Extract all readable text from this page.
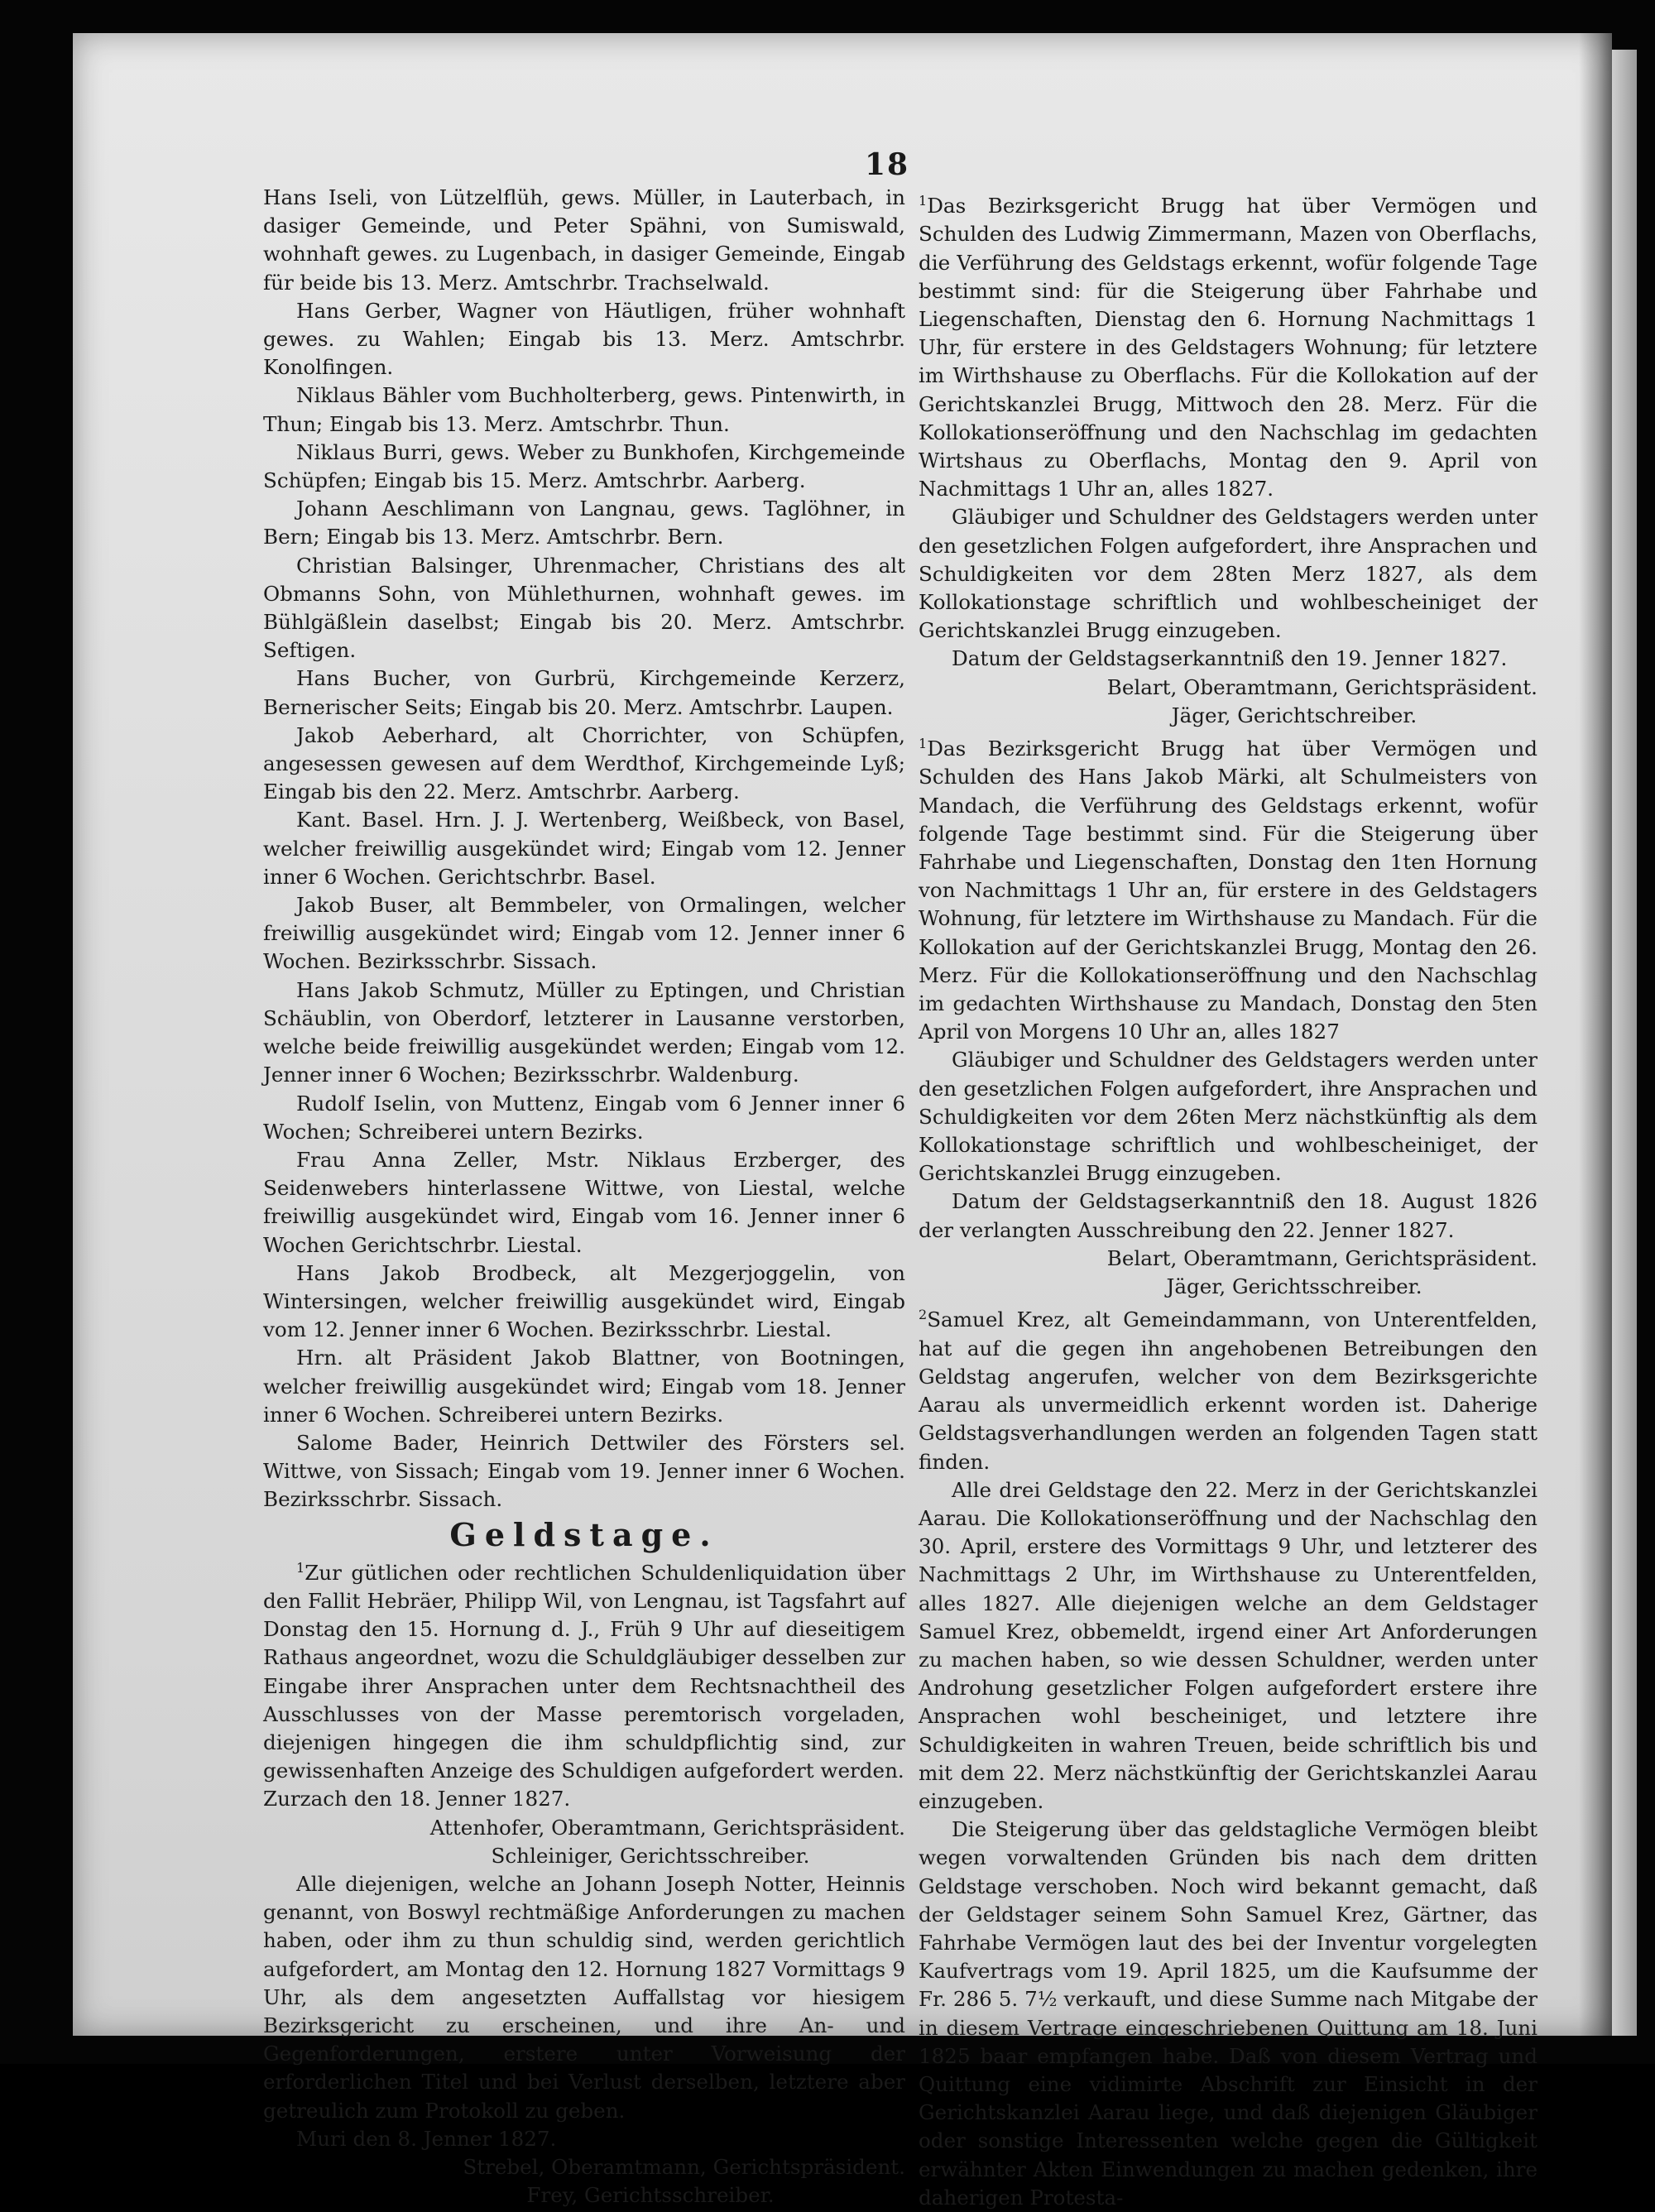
18

Hans Iseli, von Lützelflüh, gews. Müller, in Lauterbach, in dasiger Gemeinde, und Peter Spähni, von Sumiswald, wohnhaft gewes. zu Lugenbach, in dasiger Gemeinde, Eingab für beide bis 13. Merz. Amtschrbr. Trachselwald.

Hans Gerber, Wagner von Häutligen, früher wohnhaft gewes. zu Wahlen; Eingab bis 13. Merz. Amtschrbr. Konolfingen.

Niklaus Bähler vom Buchholterberg, gews. Pintenwirth, in Thun; Eingab bis 13. Merz. Amtschrbr. Thun.

Niklaus Burri, gews. Weber zu Bunkhofen, Kirchgemeinde Schüpfen; Eingab bis 15. Merz. Amtschrbr. Aarberg.

Johann Aeschlimann von Langnau, gews. Taglöhner, in Bern; Eingab bis 13. Merz. Amtschrbr. Bern.

Christian Balsinger, Uhrenmacher, Christians des alt Obmanns Sohn, von Mühlethurnen, wohnhaft gewes. im Bühlgäßlein daselbst; Eingab bis 20. Merz. Amtschrbr. Seftigen.

Hans Bucher, von Gurbrü, Kirchgemeinde Kerzerz, Bernerischer Seits; Eingab bis 20. Merz. Amtschrbr. Laupen.

Jakob Aeberhard, alt Chorrichter, von Schüpfen, angesessen gewesen auf dem Werdthof, Kirchgemeinde Lyß; Eingab bis den 22. Merz. Amtschrbr. Aarberg.

Kant. Basel. Hrn. J. J. Wertenberg, Weißbeck, von Basel, welcher freiwillig ausgekündet wird; Eingab vom 12. Jenner inner 6 Wochen. Gerichtschrbr. Basel.

Jakob Buser, alt Bemmbeler, von Ormalingen, welcher freiwillig ausgekündet wird; Eingab vom 12. Jenner inner 6 Wochen. Bezirksschrbr. Sissach.

Hans Jakob Schmutz, Müller zu Eptingen, und Christian Schäublin, von Oberdorf, letzterer in Lausanne verstorben, welche beide freiwillig ausgekündet werden; Eingab vom 12. Jenner inner 6 Wochen; Bezirksschrbr. Waldenburg.

Rudolf Iselin, von Muttenz, Eingab vom 6 Jenner inner 6 Wochen; Schreiberei untern Bezirks.

Frau Anna Zeller, Mstr. Niklaus Erzberger, des Seidenwebers hinterlassene Wittwe, von Liestal, welche freiwillig ausgekündet wird, Eingab vom 16. Jenner inner 6 Wochen Gerichtschrbr. Liestal.

Hans Jakob Brodbeck, alt Mezgerjoggelin, von Wintersingen, welcher freiwillig ausgekündet wird, Eingab vom 12. Jenner inner 6 Wochen. Bezirksschrbr. Liestal.

Hrn. alt Präsident Jakob Blattner, von Bootningen, welcher freiwillig ausgekündet wird; Eingab vom 18. Jenner inner 6 Wochen. Schreiberei untern Bezirks.

Salome Bader, Heinrich Dettwiler des Försters sel. Wittwe, von Sissach; Eingab vom 19. Jenner inner 6 Wochen. Bezirksschrbr. Sissach.

Geldstage.

$^1$Zur gütlichen oder rechtlichen Schuldenliquidation über den Fallit Hebräer, Philipp Wil, von Lengnau, ist Tagsfahrt auf Donstag den 15. Hornung d. J., Früh 9 Uhr auf dieseitigem Rathaus angeordnet, wozu die Schuldgläubiger desselben zur Eingabe ihrer Ansprachen unter dem Rechtsnachtheil des Ausschlusses von der Masse peremtorisch vorgeladen, diejenigen hingegen die ihm schuldpflichtig sind, zur gewissenhaften Anzeige des Schuldigen aufgefordert werden.

Zurzach den 18. Jenner 1827.

Attenhofer, Oberamtmann, Gerichtspräsident.

Schleiniger, Gerichtsschreiber.

Alle diejenigen, welche an Johann Joseph Notter, Heinnis genannt, von Boswyl rechtmäßige Anforderungen zu machen haben, oder ihm zu thun schuldig sind, werden gerichtlich aufgefordert, am Montag den 12. Hornung 1827 Vormittags 9 Uhr, als dem angesetzten Auffallstag vor hiesigem Bezirksgericht zu erscheinen, und ihre An- und Gegenforderungen, erstere unter Vorweisung der erforderlichen Titel und bei Verlust derselben, letztere aber getreulich zum Protokoll zu geben.

Muri den 8. Jenner 1827.

Strebel, Oberamtmann, Gerichtspräsident.

Frey, Gerichtsschreiber.

$^1$Das Bezirksgericht Brugg hat über Vermögen und Schulden des Ludwig Zimmermann, Mazen von Oberflachs, die Verführung des Geldstags erkennt, wofür folgende Tage bestimmt sind: für die Steigerung über Fahrhabe und Liegenschaften, Dienstag den 6. Hornung Nachmittags 1 Uhr, für erstere in des Geldstagers Wohnung; für letztere im Wirthshause zu Oberflachs. Für die Kollokation auf der Gerichtskanzlei Brugg, Mittwoch den 28. Merz. Für die Kollokationseröffnung und den Nachschlag im gedachten Wirtshaus zu Oberflachs, Montag den 9. April von Nachmittags 1 Uhr an, alles 1827.

Gläubiger und Schuldner des Geldstagers werden unter den gesetzlichen Folgen aufgefordert, ihre Ansprachen und Schuldigkeiten vor dem 28ten Merz 1827, als dem Kollokationstage schriftlich und wohlbescheiniget der Gerichtskanzlei Brugg einzugeben.

Datum der Geldstagserkanntniß den 19. Jenner 1827.

Belart, Oberamtmann, Gerichtspräsident.

Jäger, Gerichtschreiber.

$^1$Das Bezirksgericht Brugg hat über Vermögen und Schulden des Hans Jakob Märki, alt Schulmeisters von Mandach, die Verführung des Geldstags erkennt, wofür folgende Tage bestimmt sind. Für die Steigerung über Fahrhabe und Liegenschaften, Donstag den 1ten Hornung von Nachmittags 1 Uhr an, für erstere in des Geldstagers Wohnung, für letztere im Wirthshause zu Mandach. Für die Kollokation auf der Gerichtskanzlei Brugg, Montag den 26. Merz. Für die Kollokationseröffnung und den Nachschlag im gedachten Wirthshause zu Mandach, Donstag den 5ten April von Morgens 10 Uhr an, alles 1827

Gläubiger und Schuldner des Geldstagers werden unter den gesetzlichen Folgen aufgefordert, ihre Ansprachen und Schuldigkeiten vor dem 26ten Merz nächstkünftig als dem Kollokationstage schriftlich und wohlbescheiniget, der Gerichtskanzlei Brugg einzugeben.

Datum der Geldstagserkanntniß den 18. August 1826 der verlangten Ausschreibung den 22. Jenner 1827.

Belart, Oberamtmann, Gerichtspräsident.

Jäger, Gerichtsschreiber.

$^2$Samuel Krez, alt Gemeindammann, von Unterentfelden, hat auf die gegen ihn angehobenen Betreibungen den Geldstag angerufen, welcher von dem Bezirksgerichte Aarau als unvermeidlich erkennt worden ist. Daherige Geldstagsverhandlungen werden an folgenden Tagen statt finden.

Alle drei Geldstage den 22. Merz in der Gerichtskanzlei Aarau. Die Kollokationseröffnung und der Nachschlag den 30. April, erstere des Vormittags 9 Uhr, und letzterer des Nachmittags 2 Uhr, im Wirthshause zu Unterentfelden, alles 1827. Alle diejenigen welche an dem Geldstager Samuel Krez, obbemeldt, irgend einer Art Anforderungen zu machen haben, so wie dessen Schuldner, werden unter Androhung gesetzlicher Folgen aufgefordert erstere ihre Ansprachen wohl bescheiniget, und letztere ihre Schuldigkeiten in wahren Treuen, beide schriftlich bis und mit dem 22. Merz nächstkünftig der Gerichtskanzlei Aarau einzugeben.

Die Steigerung über das geldstagliche Vermögen bleibt wegen vorwaltenden Gründen bis nach dem dritten Geldstage verschoben. Noch wird bekannt gemacht, daß der Geldstager seinem Sohn Samuel Krez, Gärtner, das Fahrhabe Vermögen laut des bei der Inventur vorgelegten Kaufvertrags vom 19. April 1825, um die Kaufsumme der Fr. 286 5. 7½ verkauft, und diese Summe nach Mitgabe der in diesem Vertrage eingeschriebenen Quittung am 18. Juni 1825 baar empfangen habe. Daß von diesem Vertrag und Quittung eine vidimirte Abschrift zur Einsicht in der Gerichtskanzlei Aarau liege, und daß diejenigen Gläubiger oder sonstige Interessenten welche gegen die Gültigkeit erwähnter Akten Einwendungen zu machen gedenken, ihre daherigen Protesta-
